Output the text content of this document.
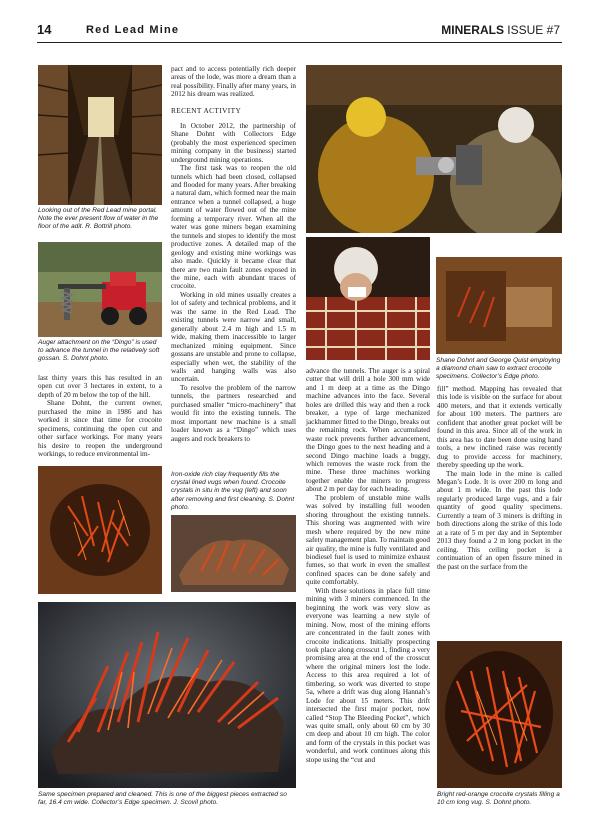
14	Red Lead Mine	MINERALS ISSUE #7
Looking out of the Red Lead mine portal. Note the ever present flow of water in the floor of the adit. R. Bottrill photo.
Auger attachment on the “Dingo” is used to advance the tunnel in the relatively soft gossan. S. Dohnt photo.

last thirty years this has resulted in an open cut over 3 hectares in extent, to a depth of 20 m below the top of the hill.

Shane Dohnt, the current owner, purchased the mine in 1986 and has worked it since that time for crocoite specimens, continuing the open cut and other surface workings. For many years his desire to reopen the underground workings, to reduce environmental im-

Same specimen prepared and cleaned. This is one of the biggest pieces extracted so far, 16.4 cm wide. Collector’s Edge specimen. J. Scovil photo.

pact and to access potentially rich deeper areas of the lode, was more a dream than a real possibility. Finally after many years, in 2012 his dream was realized.

RECENT ACTIVITY

In October 2012, the partnership of Shane Dohnt with Collectors Edge (probably the most experienced specimen mining company in the business) started underground mining operations.

The first task was to reopen the old tunnels which had been closed, collapsed and flooded for many years. After breaking a natural dam, which formed near the main entrance when a tunnel collapsed, a huge amount of water flowed out of the mine forming a temporary river. When all the water was gone miners began examining the tunnels and stopes to identify the most productive zones. A detailed map of the geology and existing mine workings was also made. Quickly it became clear that there are two main fault zones exposed in the mine, each with abundant traces of crocoite.

Working in old mines usually creates a lot of safety and technical problems, and it was the same in the Red Lead. The existing tunnels were narrow and small, generally about 2.4 m high and 1.5 m wide, making them inaccessible to larger mechanized mining equipment. Since gossans are unstable and prone to collapse, especially when wet, the stability of the walls and hanging walls was also uncertain.

To resolve the problem of the narrow tunnels, the partners researched and purchased smaller “micro-machinery” that would fit into the existing tunnels. The most important new machine is a small loader known as a “Dingo” which uses augers and rock breakers to

Iron-oxide rich clay frequently fills the crystal lined vugs when found. Crocoite crystals in situ in the vug (left) and soon after removing and first cleaning. S. Dohnt photo.
Shane Dohnt and George Quist employing a diamond chain saw to extract crocoite specimens. Collector’s Edge photo.

advance the tunnels. The auger is a spiral cutter that will drill a hole 300 mm wide and 1 m deep at a time as the Dingo machine advances into the face. Several holes are drilled this way and then a rock breaker, a type of large mechanized jackhammer fitted to the Dingo, breaks out the remaining rock. When accumulated waste rock prevents further advancement, the Dingo goes to the next heading and a second Dingo machine loads a buggy, which removes the waste rock from the mine. These three machines working together enable the miners to progress about 2 m per day for each heading.

The problem of unstable mine walls was solved by installing full wooden shoring throughout the existing tunnels. This shoring was augmented with wire mesh where required by the new mine safety management plan. To maintain good air quality, the mine is fully ventilated and biodiesel fuel is used to minimize exhaust fumes, so that work in even the smallest confined spaces can be done safely and quite comfortably.

With these solutions in place full time mining with 3 miners commenced. In the beginning the work was very slow as everyone was learning a new style of mining. Now, most of the mining efforts are concentrated in the fault zones with crocoite indications. Initially prospecting took place along crosscut 1, finding a very promising area at the end of the crosscut where the original miners lost the lode. Access to this area required a lot of timbering, so work was diverted to stope 5a, where a drift was dug along Hannah’s Lode for about 15 meters. This drift intersected the first major pocket, now called “Stop The Bleeding Pocket”, which was quite small, only about 60 cm by 30 cm deep and about 10 cm high. The color and form of the crystals in this pocket was wonderful, and work continues along this stope using the “cut and

fill” method. Mapping has revealed that this lode is visible on the surface for about 400 meters, and that it extends vertically for about 100 meters. The partners are confident that another great pocket will be found in this area. Since all of the work in this area has to date been done using hand tools, a new inclined raise was recently dug to provide access for machinery, thereby speeding up the work.

The main lode in the mine is called Megan’s Lode. It is over 200 m long and about 1 m wide. In the past this lode regularly produced large vugs, and a fair quantity of good quality specimens. Currently a team of 3 miners is drifting in both directions along the strike of this lode at a rate of 5 m per day and in September 2013 they found a 2 m long pocket in the ceiling. This ceiling pocket is a continuation of an open fissure mined in the past on the surface from the

Bright red-orange crocoite crystals filling a 10 cm long vug. S. Dohnt photo.
